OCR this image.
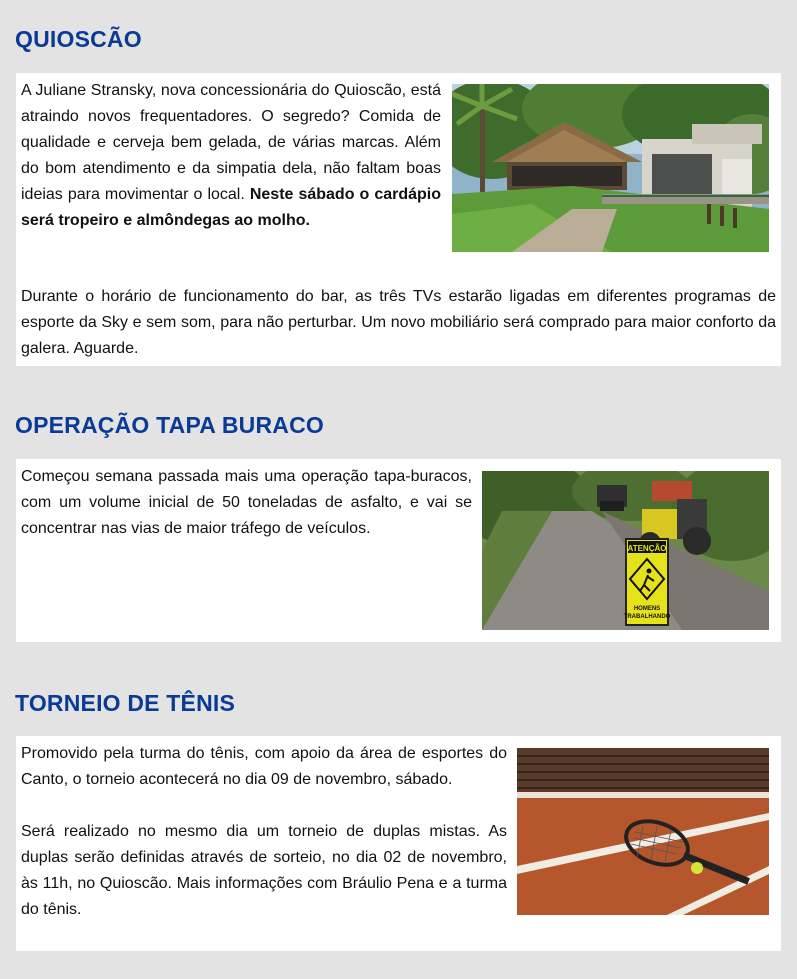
QUIOSCÃO

A Juliane Stransky, nova concessionária do Quioscão, está atraindo novos frequentadores. O segredo? Comida de qualidade e cerveja bem gelada, de várias marcas. Além do bom atendimento e da simpatia dela, não faltam boas ideias para movimentar o local. Neste sábado o cardápio será tropeiro e almôndegas ao molho.

Durante o horário de funcionamento do bar, as três TVs estarão ligadas em diferentes programas de esporte da Sky e sem som, para não perturbar. Um novo mobiliário será comprado para maior conforto da galera. Aguarde.

OPERAÇÃO TAPA BURACO

Começou semana passada mais uma operação tapa-buracos, com um volume inicial de 50 toneladas de asfalto, e vai se concentrar nas vias de maior tráfego de veículos.

ATENÇÃO
HOMENS
TRABALHANDO
TORNEIO DE TÊNIS

Promovido pela turma do tênis, com apoio da área de esportes do Canto, o torneio acontecerá no dia 09 de novembro, sábado.

Será realizado no mesmo dia um torneio de duplas mistas. As duplas serão definidas através de sorteio, no dia 02 de novembro, às 11h, no Quioscão. Mais informações com Bráulio Pena e a turma do tênis.
